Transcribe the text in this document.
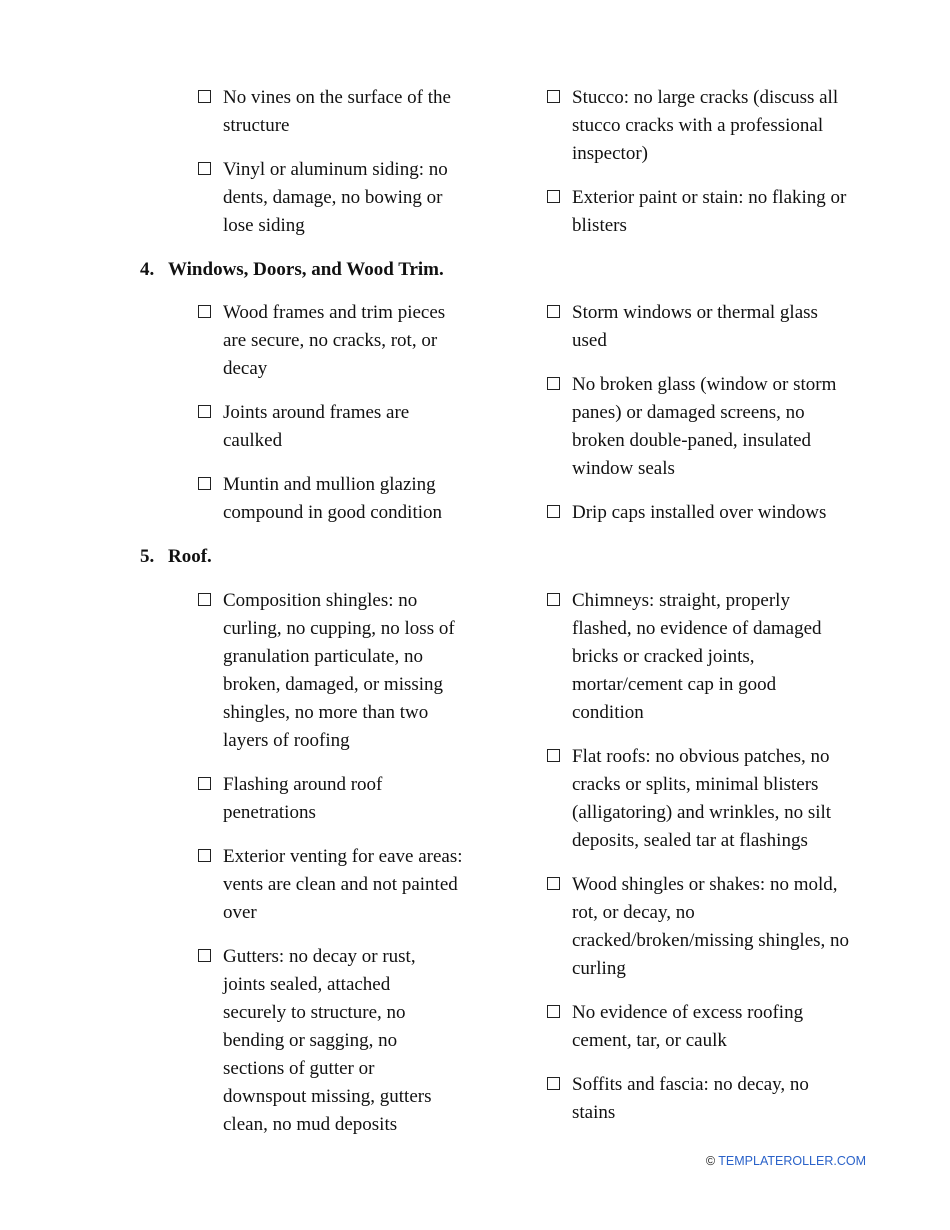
No vines on the surface of the structure
Vinyl or aluminum siding: no dents, damage, no bowing or lose siding
Stucco: no large cracks (discuss all stucco cracks with a professional inspector)
Exterior paint or stain: no flaking or blisters
4. Windows, Doors, and Wood Trim.
Wood frames and trim pieces are secure, no cracks, rot, or decay
Joints around frames are caulked
Muntin and mullion glazing compound in good condition
Storm windows or thermal glass used
No broken glass (window or storm panes) or damaged screens, no broken double-paned, insulated window seals
Drip caps installed over windows
5. Roof.
Composition shingles: no curling, no cupping, no loss of granulation particulate, no broken, damaged, or missing shingles, no more than two layers of roofing
Flashing around roof penetrations
Exterior venting for eave areas: vents are clean and not painted over
Gutters: no decay or rust, joints sealed, attached securely to structure, no bending or sagging, no sections of gutter or downspout missing, gutters clean, no mud deposits
Chimneys: straight, properly flashed, no evidence of damaged bricks or cracked joints, mortar/cement cap in good condition
Flat roofs: no obvious patches, no cracks or splits, minimal blisters (alligatoring) and wrinkles, no silt deposits, sealed tar at flashings
Wood shingles or shakes: no mold, rot, or decay, no cracked/broken/missing shingles, no curling
No evidence of excess roofing cement, tar, or caulk
Soffits and fascia: no decay, no stains
© TEMPLATEROLLER.COM
